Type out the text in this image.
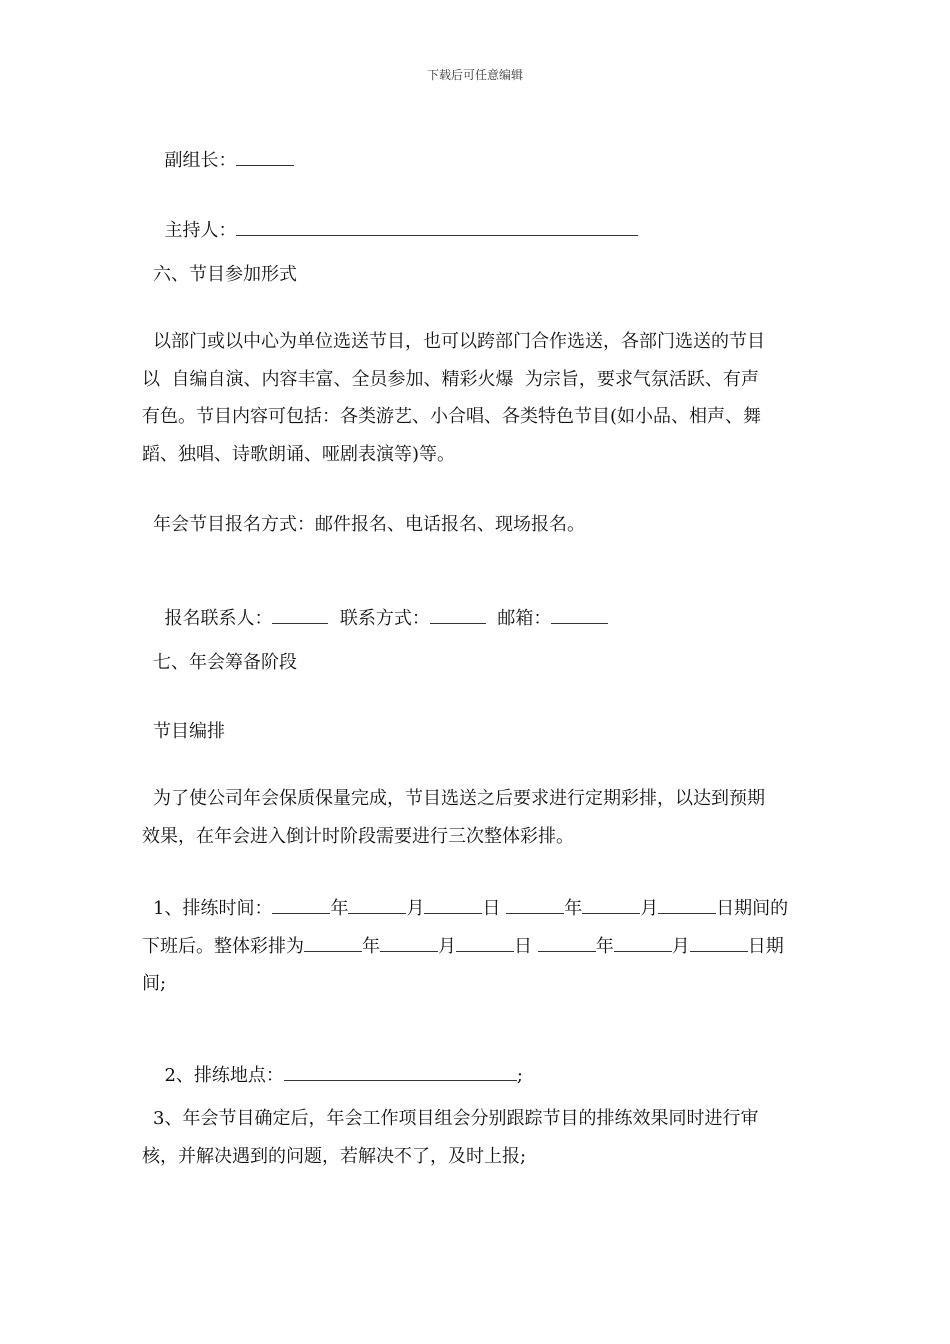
下载后可任意编辑

副组长：

主持人：

六、节目参加形式
以部门或以中心为单位选送节目，也可以跨部门合作选送，各部门选送的节目
以  自编自演、内容丰富、全员参加、精彩火爆  为宗旨，要求气氛活跃、有声
有色。节目内容可包括：各类游艺、小合唱、各类特色节目(如小品、相声、舞
蹈、独唱、诗歌朗诵、哑剧表演等)等。
年会节目报名方式：邮件报名、电话报名、现场报名。

报名联系人：	联系方式：	邮箱：

七、年会筹备阶段
节目编排
为了使公司年会保质保量完成，节目选送之后要求进行定期彩排，以达到预期
效果，在年会进入倒计时阶段需要进行三次整体彩排。
1、排练时间：	年	月	日	年	月	日期间的
下班后。整体彩排为	年	月	日	年	月	日期
间;

2、排练地点：	;

3、年会节目确定后，年会工作项目组会分别跟踪节目的排练效果同时进行审
核，并解决遇到的问题，若解决不了，及时上报;
